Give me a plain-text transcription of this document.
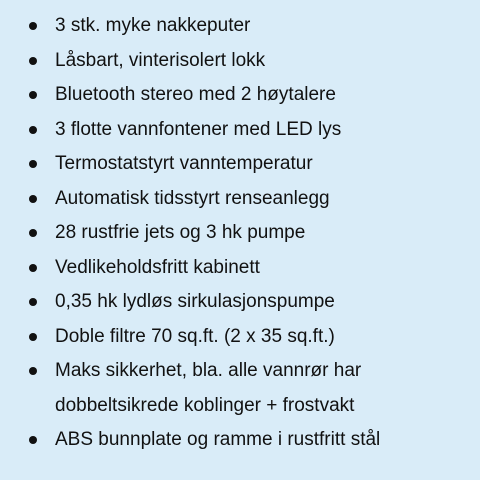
3 stk. myke nakkeputer
Låsbart, vinterisolert lokk
Bluetooth stereo med 2 høytalere
3 flotte vannfontener med LED lys
Termostatstyrt vanntemperatur
Automatisk tidsstyrt renseanlegg
28 rustfrie jets og 3 hk pumpe
Vedlikeholdsfritt kabinett
0,35 hk lydløs sirkulasjonspumpe
Doble filtre 70 sq.ft. (2 x 35 sq.ft.)
Maks sikkerhet, bla. alle vannrør har dobbeltsikrede koblinger + frostvakt
ABS bunnplate og ramme i rustfritt stål
